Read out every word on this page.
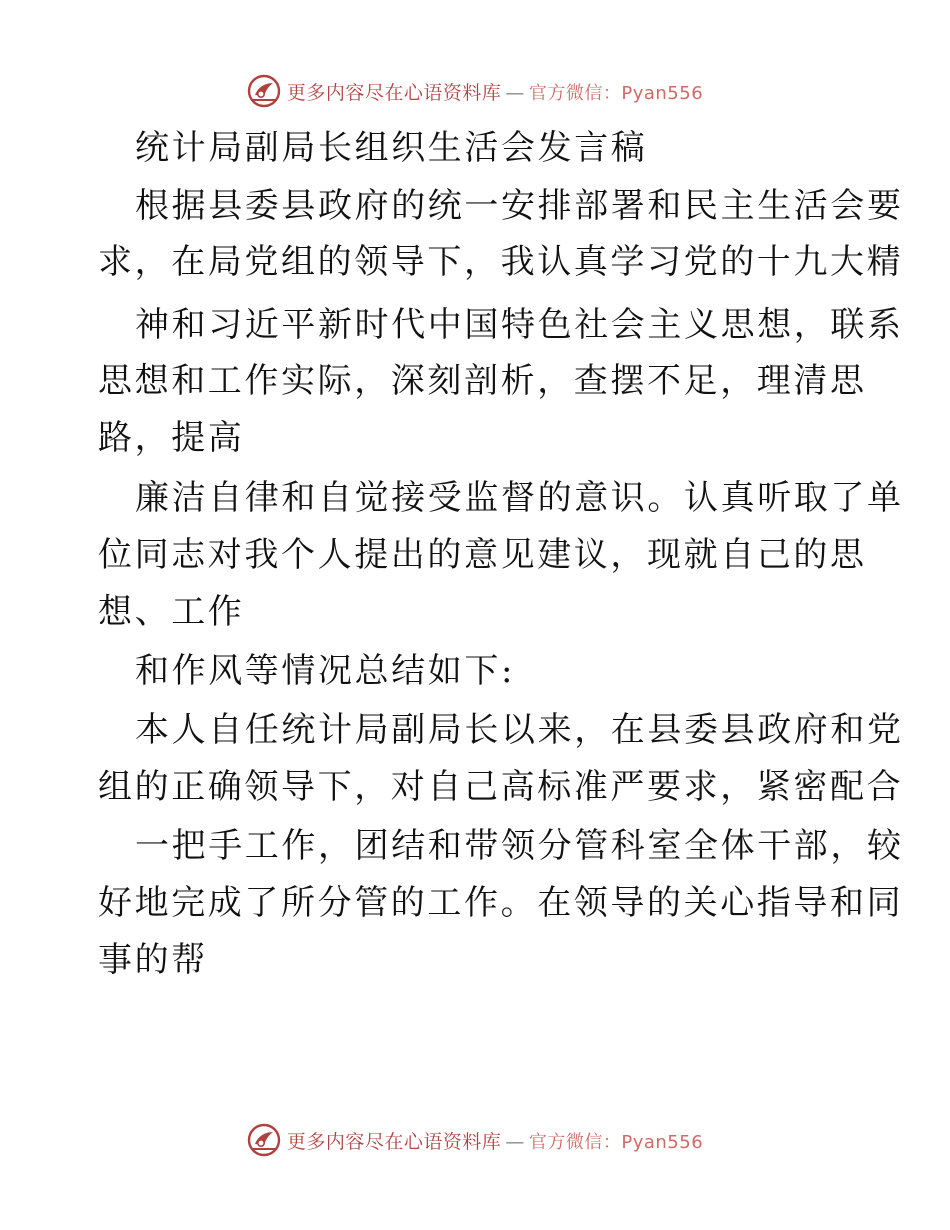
更多内容尽在心语资料库 — 官方微信：Pyan556
统计局副局长组织生活会发言稿
根据县委县政府的统一安排部署和民主生活会要
求，在局党组的领导下，我认真学习党的十九大精
神和习近平新时代中国特色社会主义思想，联系
思想和工作实际，深刻剖析，查摆不足，理清思
路，提高
廉洁自律和自觉接受监督的意识。认真听取了单
位同志对我个人提出的意见建议，现就自己的思
想、工作
和作风等情况总结如下:
本人自任统计局副局长以来，在县委县政府和党
组的正确领导下，对自己高标准严要求，紧密配合
一把手工作，团结和带领分管科室全体干部，较
好地完成了所分管的工作。在领导的关心指导和同
事的帮
更多内容尽在心语资料库 — 官方微信：Pyan556
